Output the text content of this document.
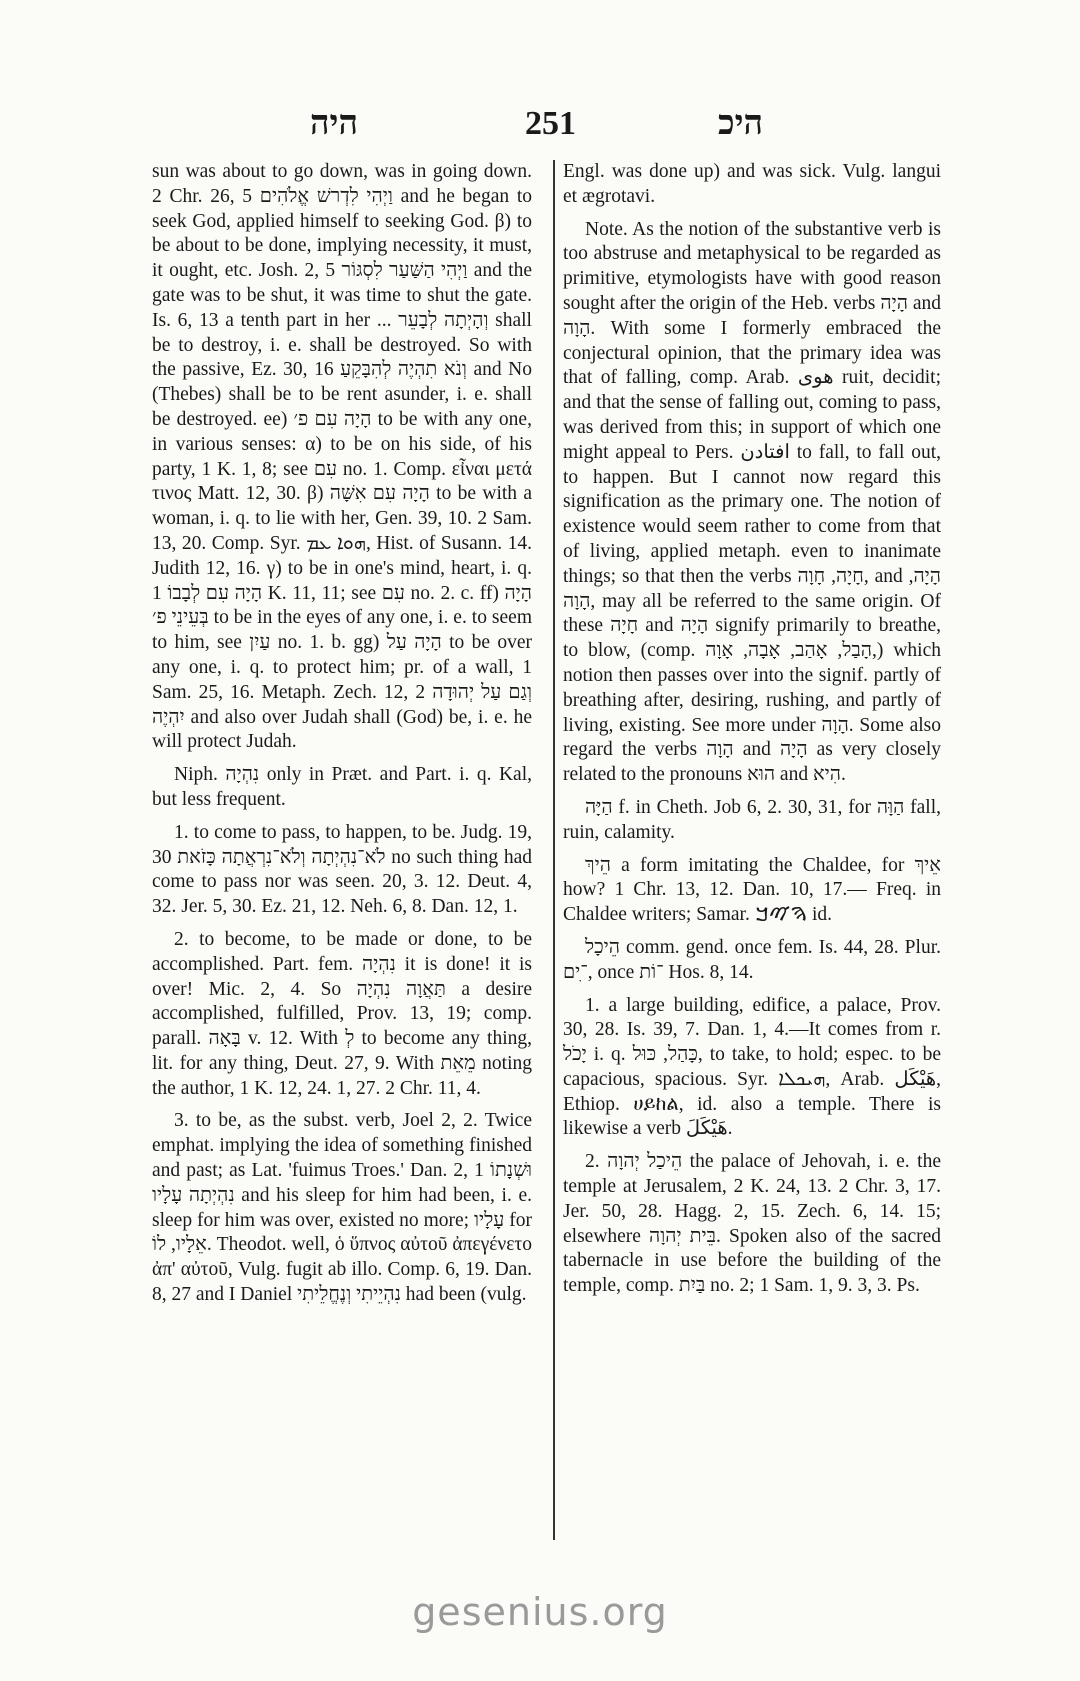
היה	251	היכ

sun was about to go down, was in going down. 2 Chr. 26, 5 וַיְהִי לִדְרשׁ אֱלֹהִים and he began to seek God, applied himself to seeking God. β) to be about to be done, implying necessity, it must, it ought, etc. Josh. 2, 5 וַיְהִי הַשַּׁעַר לִסְגּוֹר and the gate was to be shut, it was time to shut the gate. Is. 6, 13 a tenth part in her ... וְהָיְתָה לְבָעֵר shall be to destroy, i. e. shall be destroyed. So with the passive, Ez. 30, 16 וְנֹא תִהְיֶה לְהִבָּקֵעַ and No (Thebes) shall be to be rent asunder, i. e. shall be destroyed. ee) הָיָה עִם פ׳ to be with any one, in various senses: α) to be on his side, of his party, 1 K. 1, 8; see עִם no. 1. Comp. εἶναι μετά τινος Matt. 12, 30. β) הָיָה עִם אִשָּׁה to be with a woman, i. q. to lie with her, Gen. 39, 10. 2 Sam. 13, 20. Comp. Syr. ܗܘܐ ܥܡ, Hist. of Susann. 14. Judith 12, 16. γ) to be in one's mind, heart, i. q. הָיָה עִם לְבָבוֹ 1 K. 11, 11; see עִם no. 2. c. ff) הָיָה בְּעֵינֵי פ׳ to be in the eyes of any one, i. e. to seem to him, see עַיִן no. 1. b. gg) הָיָה עַל to be over any one, i. q. to protect him; pr. of a wall, 1 Sam. 25, 16. Metaph. Zech. 12, 2 וְגַם עַל יְהוּדָה יִהְיֶה and also over Judah shall (God) be, i. e. he will protect Judah.

Niph. נִהְיָה only in Præt. and Part. i. q. Kal, but less frequent.

1. to come to pass, to happen, to be. Judg. 19, 30 לֹא־נִהְיְתָה וְלֹא־נִרְאֲתָה כָּזֹאת no such thing had come to pass nor was seen. 20, 3. 12. Deut. 4, 32. Jer. 5, 30. Ez. 21, 12. Neh. 6, 8. Dan. 12, 1.

2. to become, to be made or done, to be accomplished. Part. fem. נִהְיָה it is done! it is over! Mic. 2, 4. So תַּאֲוָה נִהְיָה a desire accomplished, fulfilled, Prov. 13, 19; comp. parall. בָּאָה v. 12. With לְ to become any thing, lit. for any thing, Deut. 27, 9. With מֵאֵת noting the author, 1 K. 12, 24. 1, 27. 2 Chr. 11, 4.

3. to be, as the subst. verb, Joel 2, 2. Twice emphat. implying the idea of something finished and past; as Lat. 'fuimus Troes.' Dan. 2, 1 וּשְׁנָתוֹ נִהְיְתָה עָלָיו and his sleep for him had been, i. e. sleep for him was over, existed no more; עָלָיו for אֵלָיו, לוֹ. Theodot. well, ὁ ὕπνος αὐτοῦ ἀπεγένετο ἀπ' αὐτοῦ, Vulg. fugit ab illo. Comp. 6, 19. Dan. 8, 27 and I Daniel נִהְיֵיתִי וְנֶחֱלֵיתִי had been (vulg.

Engl. was done up) and was sick. Vulg. langui et ægrotavi.

Note. As the notion of the substantive verb is too abstruse and metaphysical to be regarded as primitive, etymologists have with good reason sought after the origin of the Heb. verbs הָיָה and הָוָה. With some I formerly embraced the conjectural opinion, that the primary idea was that of falling, comp. Arab. هوى ruit, decidit; and that the sense of falling out, coming to pass, was derived from this; in support of which one might appeal to Pers. افتادن to fall, to fall out, to happen. But I cannot now regard this signification as the primary one. The notion of existence would seem rather to come from that of living, applied metaph. even to inanimate things; so that then the verbs חָיָה, חָוָה, and הָיָה, הָוָה, may all be referred to the same origin. Of these חָיָה and הָיָה signify primarily to breathe, to blow, (comp. הָבַל, אָהַב, אָבָה, אָוָה,) which notion then passes over into the signif. partly of breathing after, desiring, rushing, and partly of living, existing. See more under הָוָה. Some also regard the verbs הָוָה and הָיָה as very closely related to the pronouns הוּא and הִיא.

הַיָּה f. in Cheth. Job 6, 2. 30, 31, for הַוָּה fall, ruin, calamity.

הֵיךְ a form imitating the Chaldee, for אֵיךְ how? 1 Chr. 13, 12. Dan. 10, 17.— Freq. in Chaldee writers; Samar. ࠄࠉࠊ id.

הֵיכָל comm. gend. once fem. Is. 44, 28. Plur. ־ִים, once ־וֹת Hos. 8, 14.

1. a large building, edifice, a palace, Prov. 30, 28. Is. 39, 7. Dan. 1, 4.—It comes from r. יָכֹל i. q. כָּהַל, כּוּל, to take, to hold; espec. to be capacious, spacious. Syr. ܗܝܟܠܐ, Arab. هَيْكَل, Ethiop. ሀይከል, id. also a temple. There is likewise a verb هَيْكَلَ.

2. הֵיכַל יְהוָה the palace of Jehovah, i. e. the temple at Jerusalem, 2 K. 24, 13. 2 Chr. 3, 17. Jer. 50, 28. Hagg. 2, 15. Zech. 6, 14. 15; elsewhere בֵּית יְהוָה. Spoken also of the sacred tabernacle in use before the building of the temple, comp. בַּיִת no. 2; 1 Sam. 1, 9. 3, 3. Ps.

gesenius.org
